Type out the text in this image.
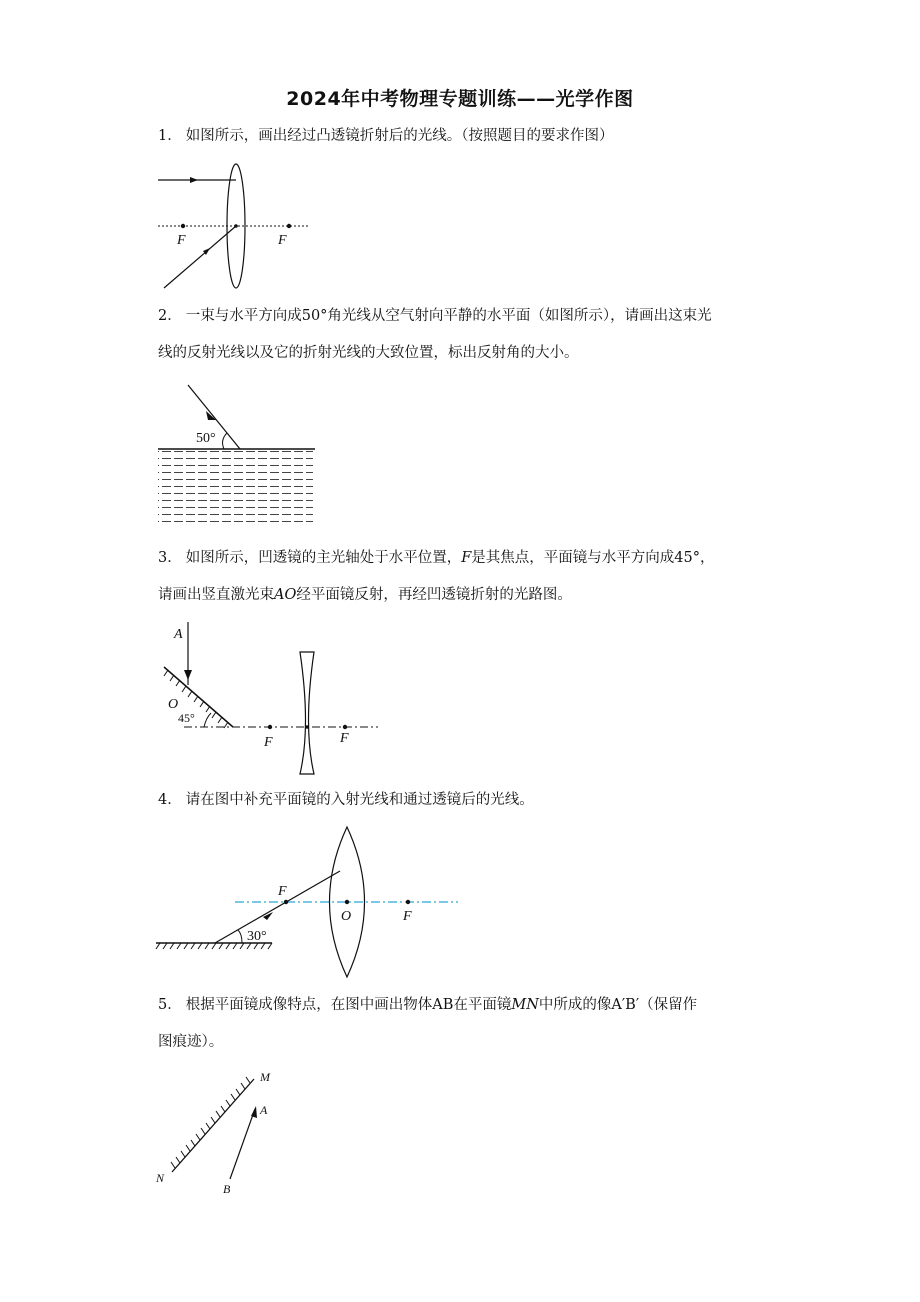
2024年中考物理专题训练——光学作图
1． 如图所示，画出经过凸透镜折射后的光线。（按照题目的要求作图）
F	F
2． 一束与水平方向成50°角光线从空气射向平静的水平面（如图所示），请画出这束光
线的反射光线以及它的折射光线的大致位置，标出反射角的大小。
50°
3． 如图所示，凹透镜的主光轴处于水平位置，F是其焦点，平面镜与水平方向成45°，
请画出竖直激光束AO经平面镜反射，再经凹透镜折射的光路图。
A
O
45°
F	F
4． 请在图中补充平面镜的入射光线和通过透镜后的光线。
30°
F
O	F
5． 根据平面镜成像特点，在图中画出物体AB在平面镜MN中所成的像A′B′（保留作
图痕迹）。
M
N
A
B
